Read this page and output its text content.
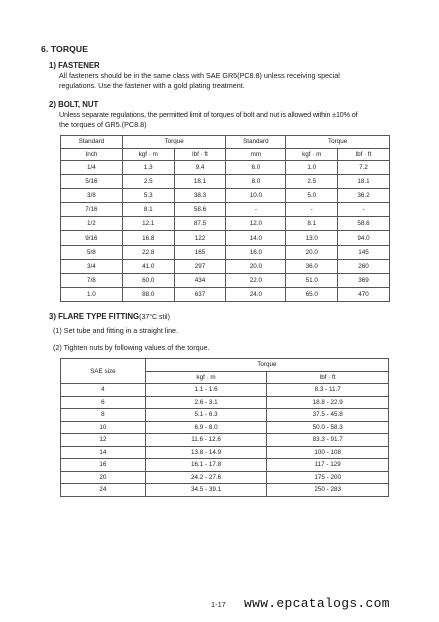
6. TORQUE
1) FASTENER
All fasteners should be in the same class with SAE GR5(PC8.8) unless receiving special
regulations. Use the fastener with a gold plating treatment.
2) BOLT, NUT
Unless separate regulations, the permitted limit of torques of bolt and nut is allowed within ±10% of
the torques of GR5.(PC8.8)
Standard	Torque		Standard	Torque	
Inch	kgf · m	lbf · ft	mm	kgf · m	lbf · ft
1/4	1.3	9.4	6.0	1.0	7.2
5/16	2.5	18.1	8.0	2.5	18.1
3/8	5.3	38.3	10.0	5.0	36.2
7/16	8.1	58.6	-	-	-
1/2	12.1	87.5	12.0	8.1	58.6
9/16	16.8	122	14.0	13.0	94.0
5/8	22.8	165	16.0	20.0	145
3/4	41.0	297	20.0	36.0	260
7/8	60.0	434	22.0	51.0	369
1.0	88.0	637	24.0	65.0	470
3) FLARE TYPE FITTING(37°C stil)
(1) Set tube and fitting in a straight line.
(2) Tighten nuts by following values of the torque.
SAE size	Torque	
	kgf · m	lbf · ft
4	1.1 - 1.6	8.3 - 11.7
6	2.6 - 3.1	18.8 - 22.9
8	5.1 - 6.3	37.5 - 45.8
10	6.9 - 8.0	50.0 - 58.3
12	11.6 - 12.6	83.3 - 91.7
14	13.8 - 14.9	100 - 108
16	16.1 - 17.8	117 - 129
20	24.2 - 27.6	175 - 200
24	34.5 - 39.1	250 - 283
1-17 www.epcatalogs.com
